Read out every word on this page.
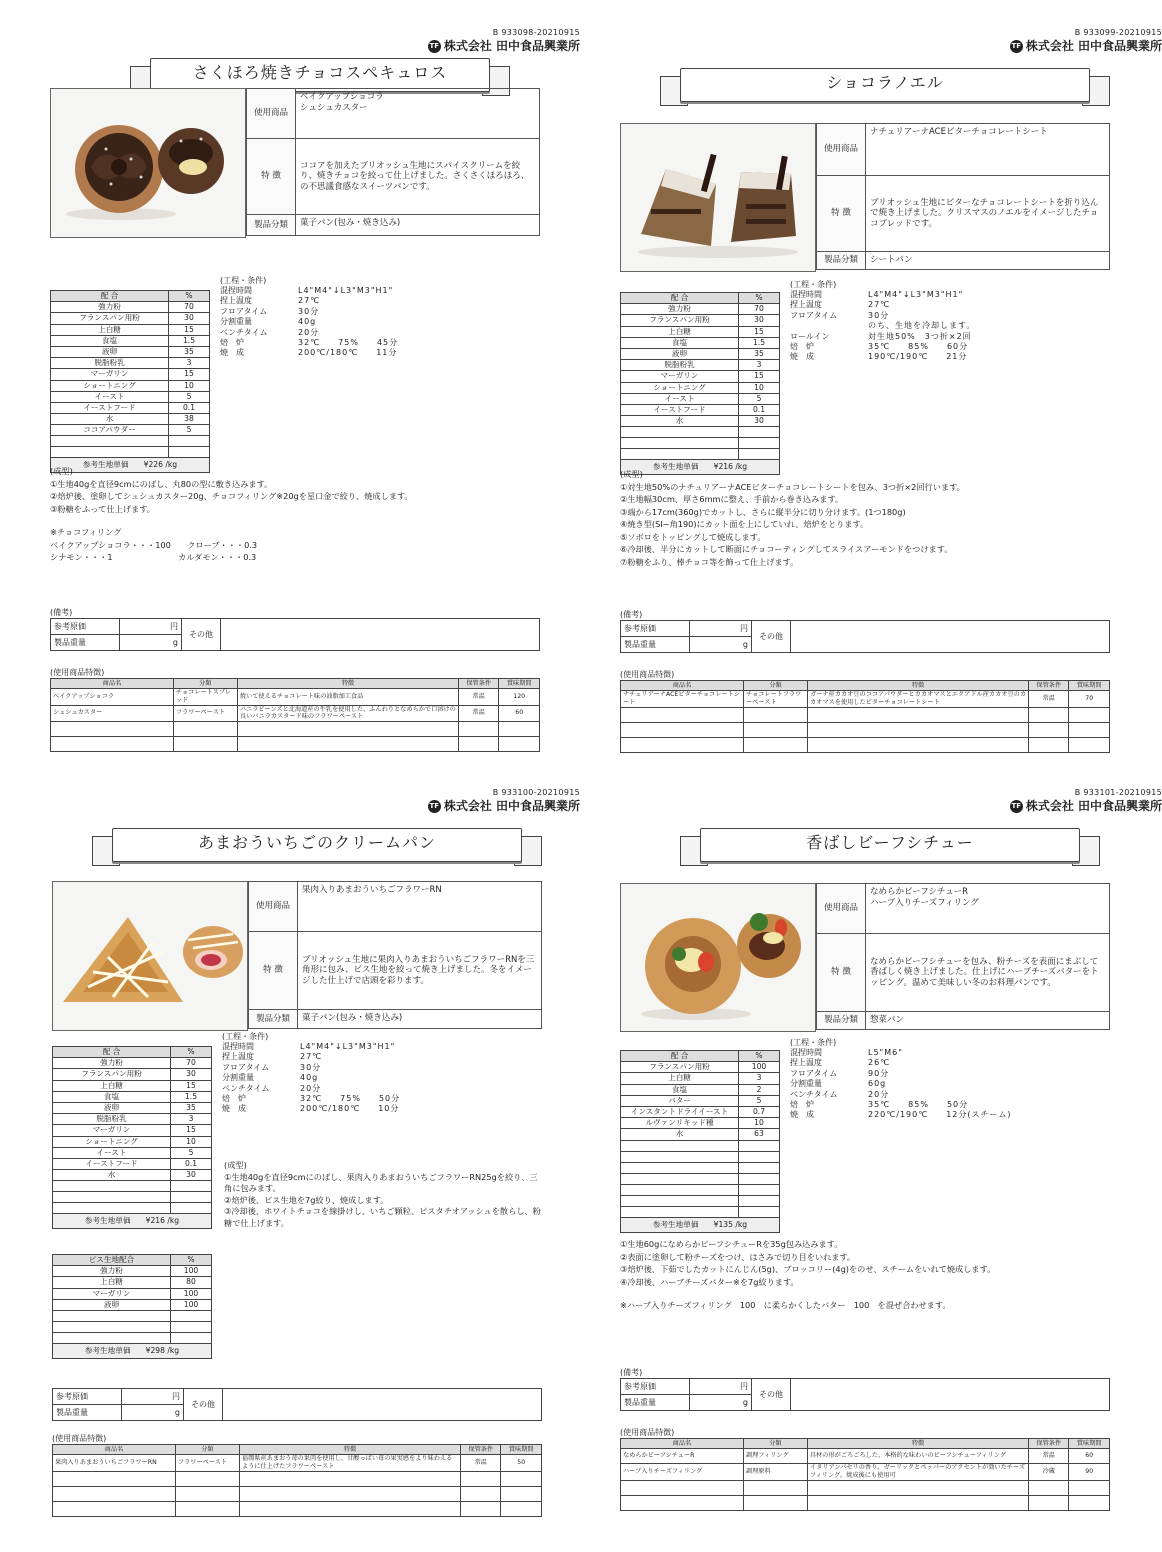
B 933098-20210915
TF 株式会社 田中食品興業所
さくほろ焼きチョコスペキュロス
使用商品	ベイクアップショコラ
シュシュカスター
特 徴	ココアを加えたブリオッシュ生地にスパイスクリームを絞り、焼きチョコを絞って仕上げました。さくさくほろほろ、の不思議食感なスイーツパンです。
製品分類	菓子パン(包み・焼き込み)
配 合	%
強力粉	70
フランスパン用粉	30
上白糖	15
食塩	1.5
液卵	35
脱脂粉乳	3
マーガリン	15
ショートニング	10
イースト	5
イーストフード	0.1
水	38
ココアパウダー	5

参考生地単価　　¥226 /kg	
(工程・条件)
混捏時間	L4"M4"↓L3"M3"H1"
捏上温度	27℃
フロアタイム	30分
分割重量	40g
ベンチタイム	20分
焙　炉	32℃　　75%　　45分
焼　成	200℃/180℃　　11分
(成型)
①生地40gを直径9cmにのばし、丸80の型に敷き込みます。
②焙炉後、塗卵してシュシュカスター20g、チョコフィリング※20gを星口金で絞り、焼成します。
③粉糖をふって仕上げます。
※チョコフィリング
ベイクアップショコラ・・・100　　クローブ・・・0.3
シナモン・・・1　　　　　　　　カルダモン・・・0.3
(備考)
参考原価	円	その他	
製品重量	g		
(使用商品特徴)
商品名	分類	特徴	保管条件	賞味期間
ベイクアップショコラ	チョコレートスプレッド	焼いて使えるチョコレート味の油脂加工食品	常温	120
シュシュカスター	フラワーペースト	バニラビーンズと北海道産の牛乳を使用した、ふんわりとなめらかで口溶けの良いバニラカスタード味のフラワーペースト	常温	60

B 933099-20210915
TF 株式会社 田中食品興業所
ショコラノエル
使用商品	ナチュリアーナACEビターチョコレートシート
特 徴	ブリオッシュ生地にビターなチョコレートシートを折り込んで焼き上げました。クリスマスのノエルをイメージしたチョコブレッドです。
製品分類	シートパン
配 合	%
強力粉	70
フランスパン用粉	30
上白糖	15
食塩	1.5
液卵	35
脱脂粉乳	3
マーガリン	15
ショートニング	10
イースト	5
イーストフード	0.1
水	30

参考生地単価　　¥216 /kg	
(工程・条件)
混捏時間	L4"M4"↓L3"M3"H1"
捏上温度	27℃
フロアタイム	30分
のち、生地を冷却します。
ロールイン	対生地50%　3つ折×2回
焙　炉	35℃　　85%　　60分
焼　成	190℃/190℃　　21分
(成型)
①対生地50%のナチュリアーナACEビターチョコレートシートを包み、3つ折×2回行います。
②生地幅30cm、厚さ6mmに整え、手前から巻き込みます。
③端から17cm(360g)でカットし、さらに縦半分に切り分けます。(1つ180g)
④焼き型(SI−角190)にカット面を上にしていれ、焙炉をとります。
⑤ソボロをトッピングして焼成します。
⑥冷却後、半分にカットして断面にチョコーティングしてスライスアーモンドをつけます。
⑦粉糖をふり、棒チョコ等を飾って仕上げます。
(備考)
参考原価	円	その他	
製品重量	g		
(使用商品特徴)
商品名	分類	特徴	保管条件	賞味期間
ナチュリアーナACEビターチョコレートシート	チョコレートフラワーペースト	ガーナ産カカオ豆のココアパウダーとカカオマスとエクアドル産カカオ豆のカカオマスを使用したビターチョコレートシート	常温	70

B 933100-20210915
TF 株式会社 田中食品興業所
あまおういちごのクリームパン
使用商品	果肉入りあまおういちごフラワーRN
特 徴	ブリオッシュ生地に果肉入りあまおういちごフラワーRNを三角形に包み、ビス生地を絞って焼き上げました。冬をイメージした仕上げで店頭を彩ります。
製品分類	菓子パン(包み・焼き込み)
配 合	%
強力粉	70
フランスパン用粉	30
上白糖	15
食塩	1.5
液卵	35
脱脂粉乳	3
マーガリン	15
ショートニング	10
イースト	5
イーストフード	0.1
水	30

参考生地単価　　¥216 /kg	
ビス生地配合	%
強力粉	100
上白糖	80
マーガリン	100
液卵	100

参考生地単価　　¥298 /kg	
(工程・条件)
混捏時間	L4"M4"↓L3"M3"H1"
捏上温度	27℃
フロアタイム	30分
分割重量	40g
ベンチタイム	20分
焙　炉	32℃　　75%　　50分
焼　成	200℃/180℃　　10分
(成型)
①生地40gを直径9cmにのばし、果肉入りあまおういちごフラワーRN25gを絞り、三角に包みます。
②焙炉後、ビス生地を7g絞り、焼成します。
③冷却後、ホワイトチョコを線掛けし、いちご顆粒、ピスタチオアッシュを散らし、粉糖で仕上げます。
参考原価	円	その他	
製品重量	g		
(使用商品特徴)
商品名	分類	特徴	保管条件	賞味期間
果肉入りあまおういちごフラワーRN	フラワーペースト	福岡県産あまおう苺の果肉を使用し、甘酸っぱい苺の果実感をより味わえるように仕上げたフラワーペースト	常温	50

B 933101-20210915
TF 株式会社 田中食品興業所
香ばしビーフシチュー
使用商品	なめらかビーフシチューR
ハーブ入りチーズフィリング
特 徴	なめらかビーフシチューを包み、粉チーズを表面にまぶして香ばしく焼き上げました。仕上げにハーブチーズバターをトッピング。温めて美味しい冬のお料理パンです。
製品分類	惣菜パン
配 合	%
フランスパン用粉	100
上白糖	3
食塩	2
バター	5
インスタントドライイースト	0.7
ルヴァンリキッド種	10
水	63

参考生地単価　　¥135 /kg	
(工程・条件)
混捏時間	L5"M6"
捏上温度	26℃
フロアタイム	90分
分割重量	60g
ベンチタイム	20分
焙　炉	35℃　　85%　　50分
焼　成	220℃/190℃　　12分(スチーム)
①生地60gになめらかビーフシチューRを35g包み込みます。
②表面に塗卵して粉チーズをつけ、はさみで切り目をいれます。
③焙炉後、下茹でしたカットにんじん(5g)、ブロッコリー(4g)をのせ、スチームをいれて焼成します。
④冷却後、ハーブチーズバター※を7g絞ります。
※ハーブ入りチーズフィリング　100　に柔らかくしたバター　100　を混ぜ合わせます。
(備考)
参考原価	円	その他	
製品重量	g		
(使用商品特徴)
商品名	分類	特徴	保管条件	賞味期間
なめらかビーフシチューR	調理フィリング	具材の形がごろごろした、本格的な味わいのビーフシチューフィリング	常温	60
ハーブ入りチーズフィリング	調理原料	イタリアンパセリの香り、ガーリックとペッパーのアクセントが効いたチーズフィリング。焼成後にも使用可	冷蔵	90
